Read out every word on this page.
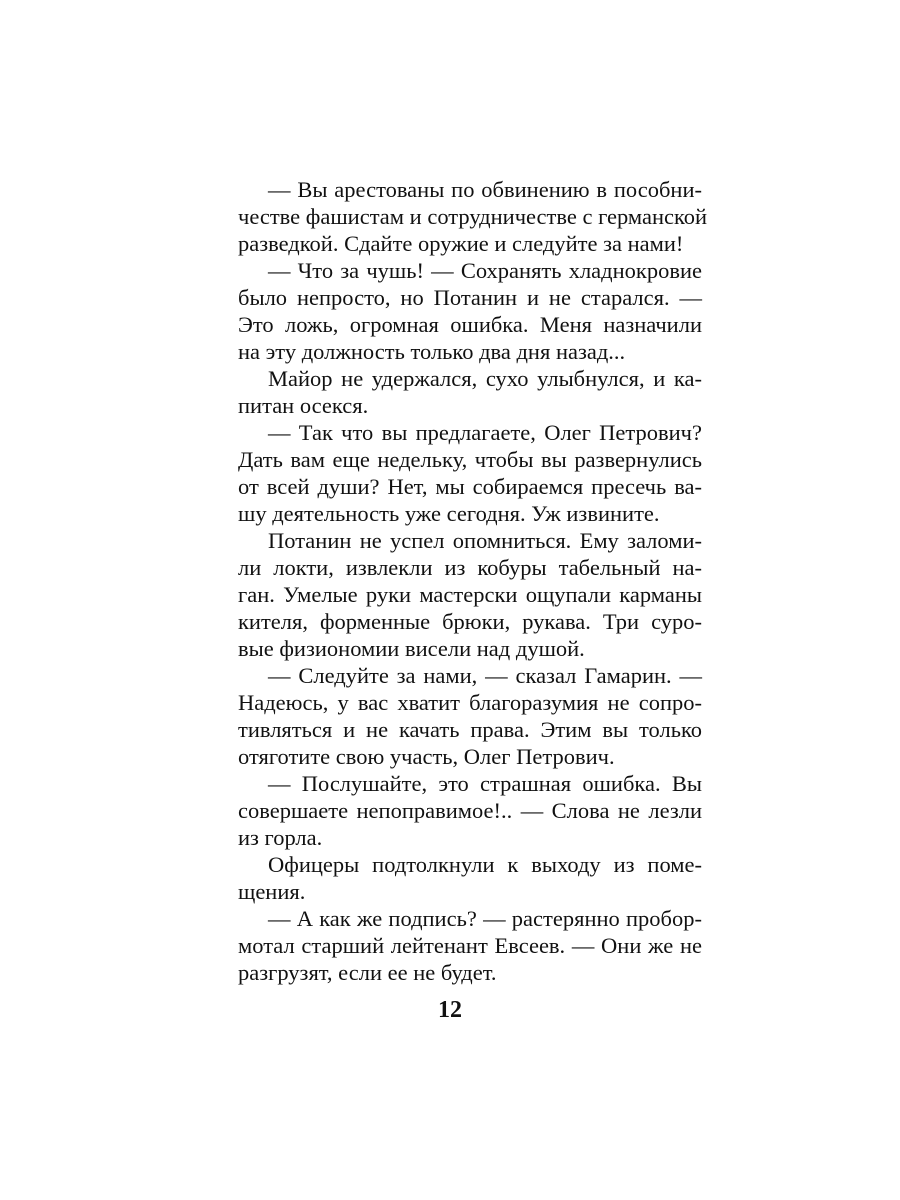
— Вы арестованы по обвинению в пособни-
честве фашистам и сотрудничестве с германской
разведкой. Сдайте оружие и следуйте за нами!
— Что за чушь! — Сохранять хладнокровие
было непросто, но Потанин и не старался. —
Это ложь, огромная ошибка. Меня назначили
на эту должность только два дня назад...
Майор не удержался, сухо улыбнулся, и ка-
питан осекся.
— Так что вы предлагаете, Олег Петрович?
Дать вам еще недельку, чтобы вы развернулись
от всей души? Нет, мы собираемся пресечь ва-
шу деятельность уже сегодня. Уж извините.
Потанин не успел опомниться. Ему заломи-
ли локти, извлекли из кобуры табельный на-
ган. Умелые руки мастерски ощупали карманы
кителя, форменные брюки, рукава. Три суро-
вые физиономии висели над душой.
— Следуйте за нами, — сказал Гамарин. —
Надеюсь, у вас хватит благоразумия не сопро-
тивляться и не качать права. Этим вы только
отяготите свою участь, Олег Петрович.
— Послушайте, это страшная ошибка. Вы
совершаете непоправимое!.. — Слова не лезли
из горла.
Офицеры подтолкнули к выходу из поме-
щения.
— А как же подпись? — растерянно пробор-
мотал старший лейтенант Евсеев. — Они же не
разгрузят, если ее не будет.
12
